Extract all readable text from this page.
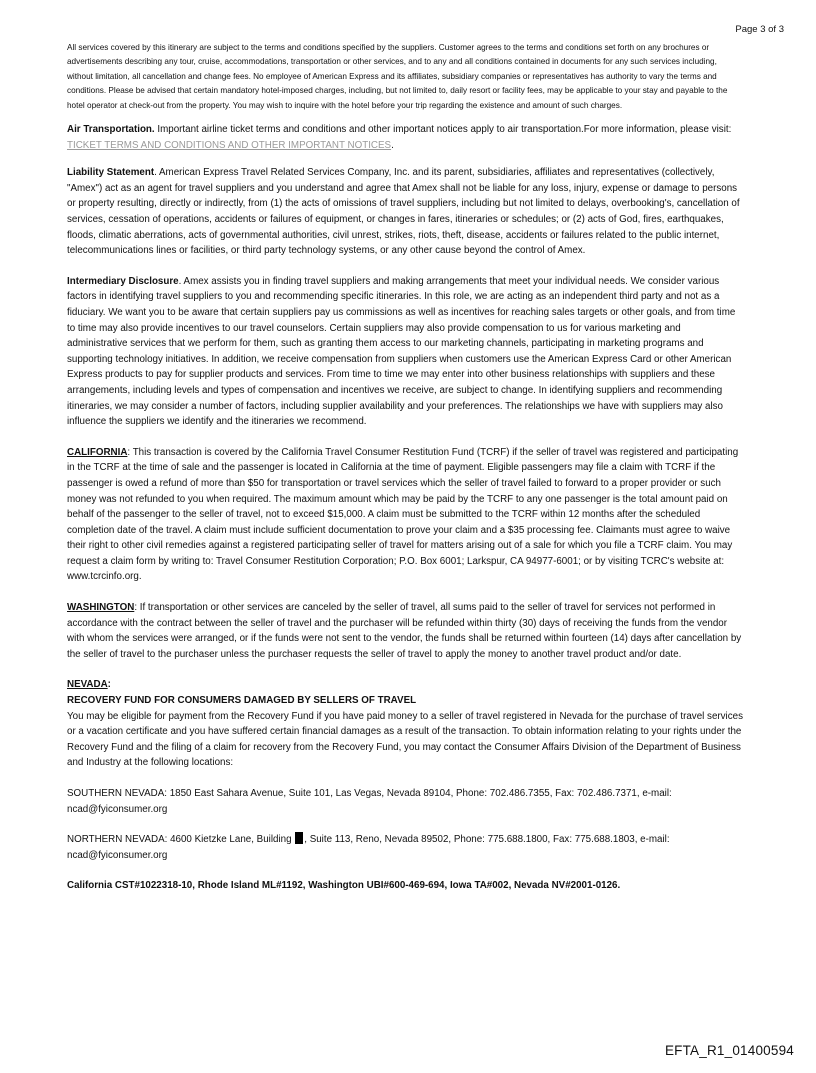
Page 3 of 3

All services covered by this itinerary are subject to the terms and conditions specified by the suppliers. Customer agrees to the terms and conditions set forth on any brochures or advertisements describing any tour, cruise, accommodations, transportation or other services, and to any and all conditions contained in documents for any such services including, without limitation, all cancellation and change fees. No employee of American Express and its affiliates, subsidiary companies or representatives has authority to vary the terms and conditions. Please be advised that certain mandatory hotel-imposed charges, including, but not limited to, daily resort or facility fees, may be applicable to your stay and payable to the hotel operator at check-out from the property. You may wish to inquire with the hotel before your trip regarding the existence and amount of such charges.

Air Transportation. Important airline ticket terms and conditions and other important notices apply to air transportation.For more information, please visit: TICKET TERMS AND CONDITIONS AND OTHER IMPORTANT NOTICES.

Liability Statement. American Express Travel Related Services Company, Inc. and its parent, subsidiaries, affiliates and representatives (collectively, "Amex") act as an agent for travel suppliers and you understand and agree that Amex shall not be liable for any loss, injury, expense or damage to persons or property resulting, directly or indirectly, from (1) the acts of omissions of travel suppliers, including but not limited to delays, overbooking's, cancellation of services, cessation of operations, accidents or failures of equipment, or changes in fares, itineraries or schedules; or (2) acts of God, fires, earthquakes, floods, climatic aberrations, acts of governmental authorities, civil unrest, strikes, riots, theft, disease, accidents or failures related to the public internet, telecommunications lines or facilities, or third party technology systems, or any other cause beyond the control of Amex.

Intermediary Disclosure. Amex assists you in finding travel suppliers and making arrangements that meet your individual needs. We consider various factors in identifying travel suppliers to you and recommending specific itineraries. In this role, we are acting as an independent third party and not as a fiduciary. We want you to be aware that certain suppliers pay us commissions as well as incentives for reaching sales targets or other goals, and from time to time may also provide incentives to our travel counselors. Certain suppliers may also provide compensation to us for various marketing and administrative services that we perform for them, such as granting them access to our marketing channels, participating in marketing programs and supporting technology initiatives. In addition, we receive compensation from suppliers when customers use the American Express Card or other American Express products to pay for supplier products and services. From time to time we may enter into other business relationships with suppliers and these arrangements, including levels and types of compensation and incentives we receive, are subject to change. In identifying suppliers and recommending itineraries, we may consider a number of factors, including supplier availability and your preferences. The relationships we have with suppliers may also influence the suppliers we identify and the itineraries we recommend.

CALIFORNIA: This transaction is covered by the California Travel Consumer Restitution Fund (TCRF) if the seller of travel was registered and participating in the TCRF at the time of sale and the passenger is located in California at the time of payment. Eligible passengers may file a claim with TCRF if the passenger is owed a refund of more than $50 for transportation or travel services which the seller of travel failed to forward to a proper provider or such money was not refunded to you when required. The maximum amount which may be paid by the TCRF to any one passenger is the total amount paid on behalf of the passenger to the seller of travel, not to exceed $15,000. A claim must be submitted to the TCRF within 12 months after the scheduled completion date of the travel. A claim must include sufficient documentation to prove your claim and a $35 processing fee. Claimants must agree to waive their right to other civil remedies against a registered participating seller of travel for matters arising out of a sale for which you file a TCRF claim. You may request a claim form by writing to: Travel Consumer Restitution Corporation; P.O. Box 6001; Larkspur, CA 94977-6001; or by visiting TCRC's website at: www.tcrcinfo.org.

WASHINGTON: If transportation or other services are canceled by the seller of travel, all sums paid to the seller of travel for services not performed in accordance with the contract between the seller of travel and the purchaser will be refunded within thirty (30) days of receiving the funds from the vendor with whom the services were arranged, or if the funds were not sent to the vendor, the funds shall be returned within fourteen (14) days after cancellation by the seller of travel to the purchaser unless the purchaser requests the seller of travel to apply the money to another travel product and/or date.

NEVADA:

RECOVERY FUND FOR CONSUMERS DAMAGED BY SELLERS OF TRAVEL

You may be eligible for payment from the Recovery Fund if you have paid money to a seller of travel registered in Nevada for the purchase of travel services or a vacation certificate and you have suffered certain financial damages as a result of the transaction. To obtain information relating to your rights under the Recovery Fund and the filing of a claim for recovery from the Recovery Fund, you may contact the Consumer Affairs Division of the Department of Business and Industry at the following locations:

SOUTHERN NEVADA: 1850 East Sahara Avenue, Suite 101, Las Vegas, Nevada 89104, Phone: 702.486.7355, Fax: 702.486.7371, e-mail: ncad@fyiconsumer.org

NORTHERN NEVADA: 4600 Kietzke Lane, Building , Suite 113, Reno, Nevada 89502, Phone: 775.688.1800, Fax: 775.688.1803, e-mail: ncad@fyiconsumer.org

California CST#1022318-10, Rhode Island ML#1192, Washington UBI#600-469-694, Iowa TA#002, Nevada NV#2001-0126.

EFTA_R1_01400594
